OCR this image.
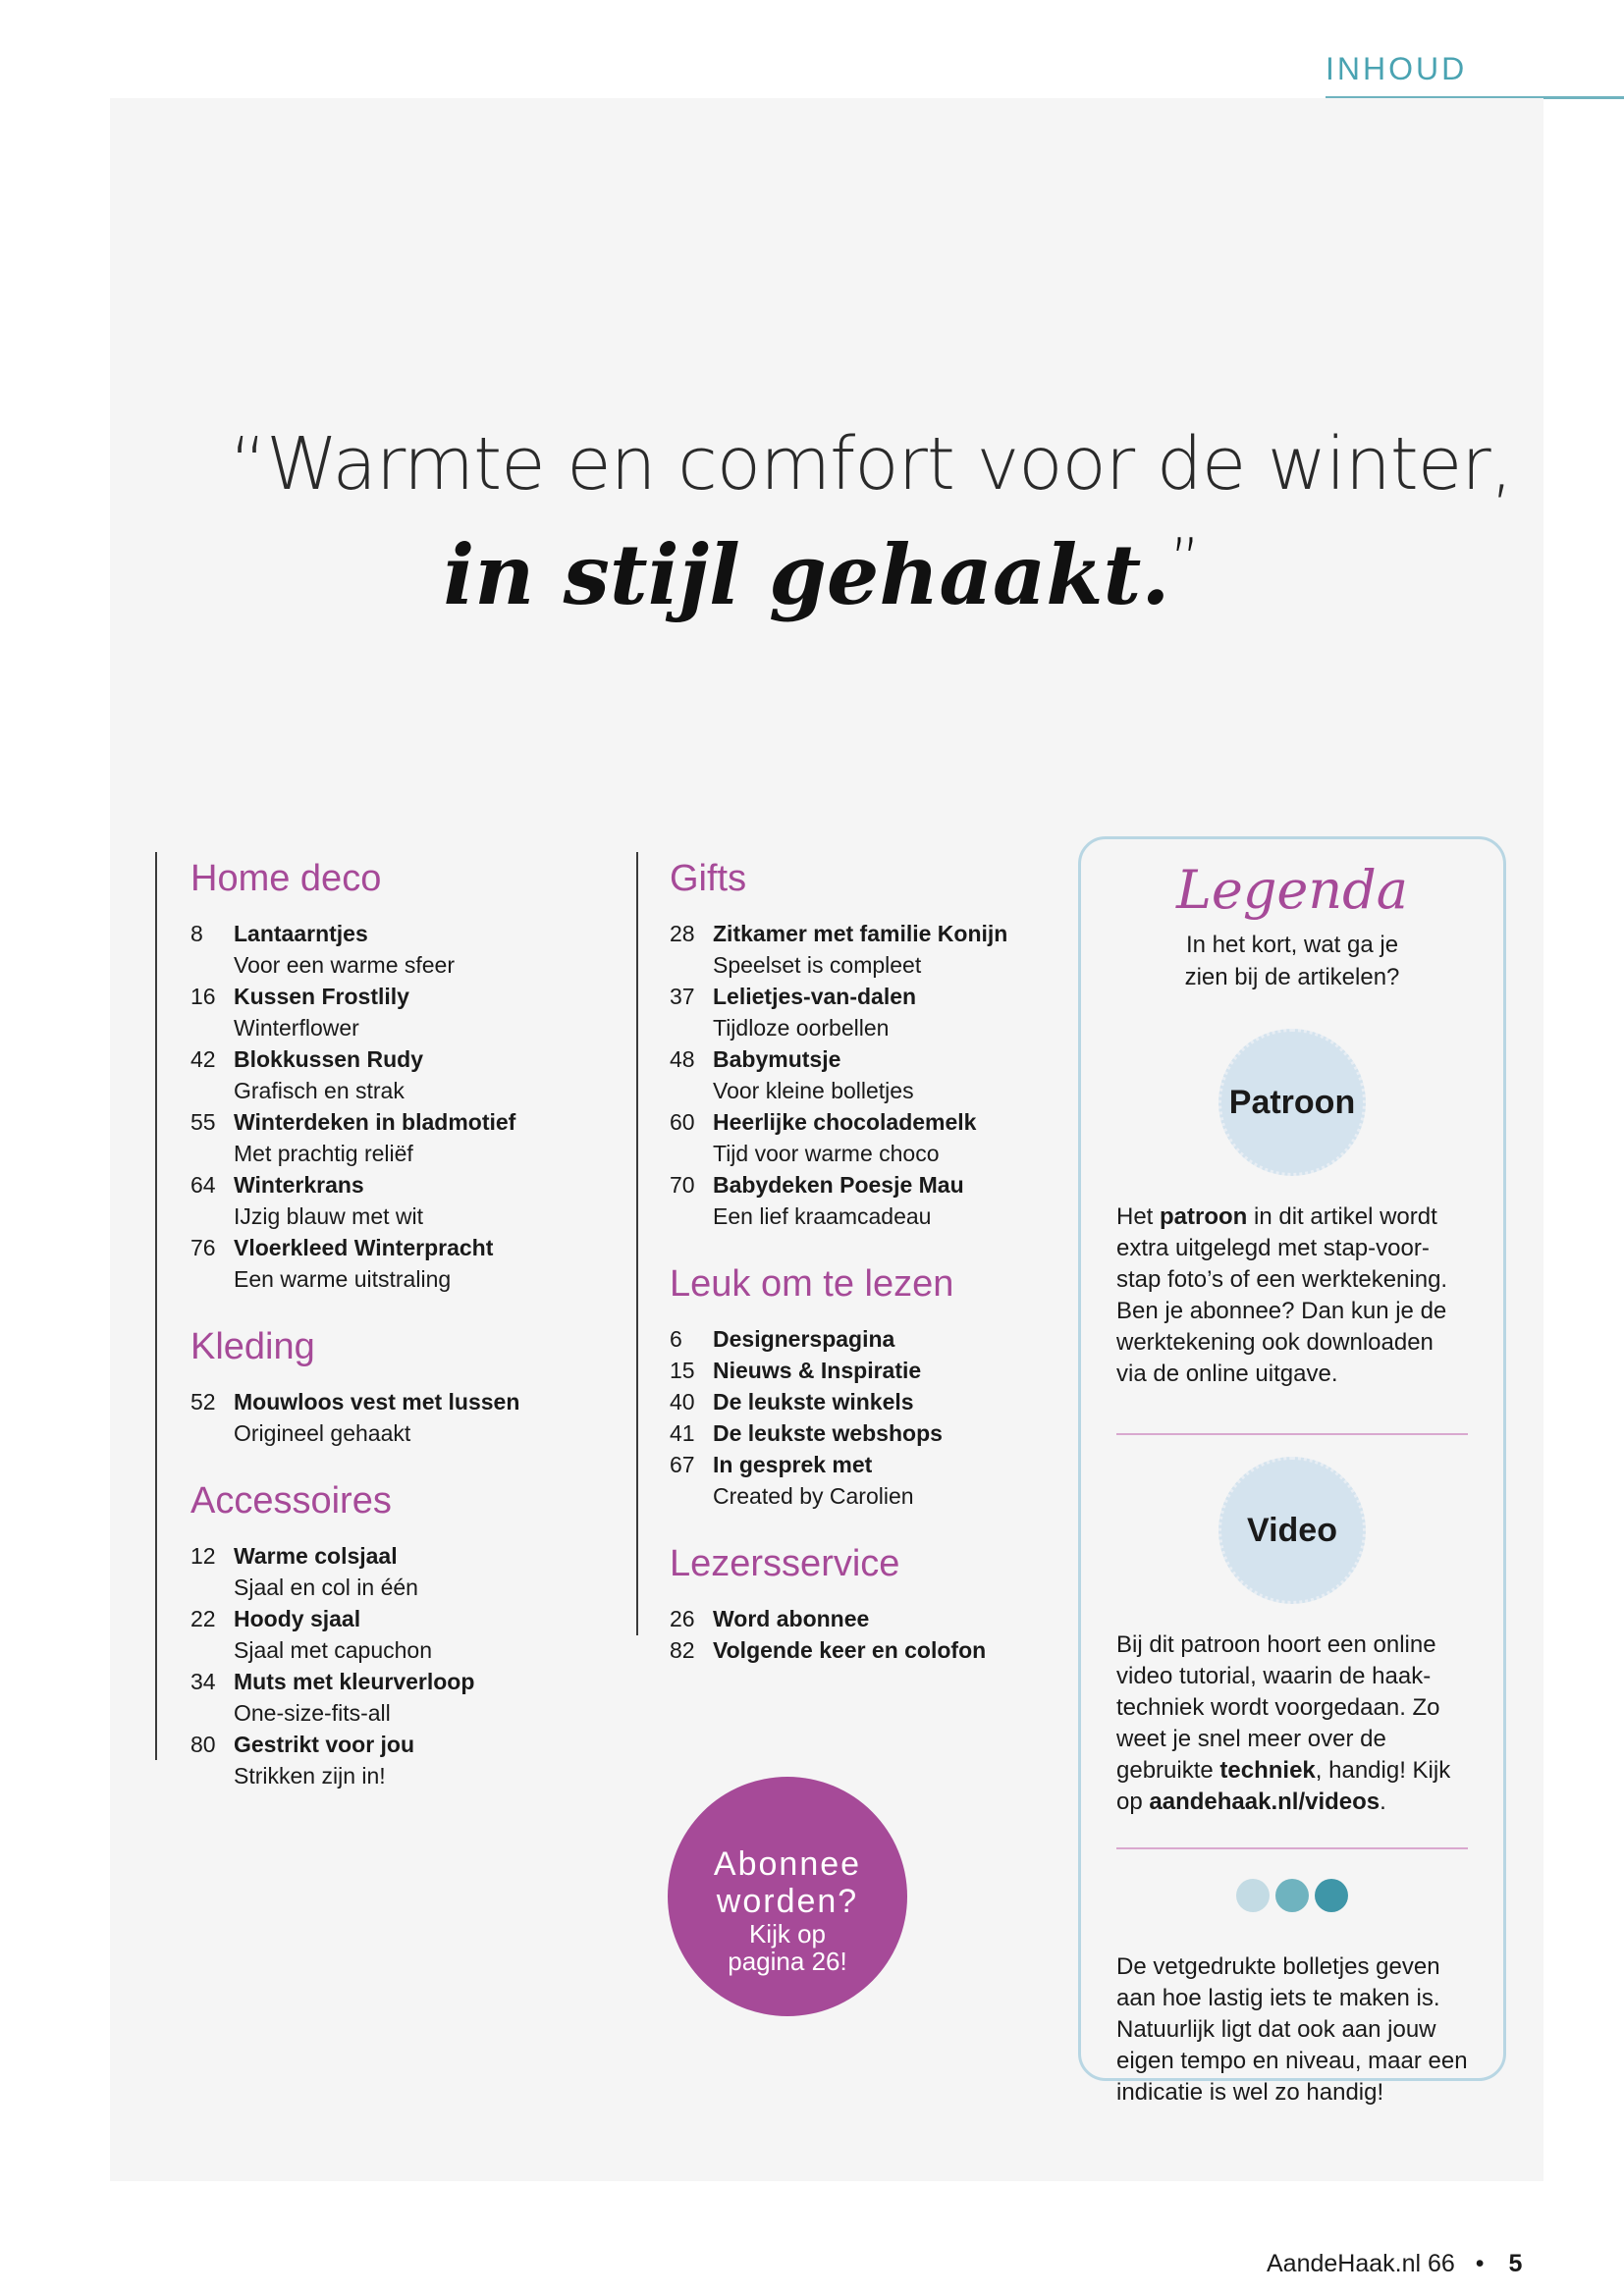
INHOUD
“Warmte en comfort voor de winter,
in stijl gehaakt.”
Home deco
8	Lantaarntjes
Voor een warme sfeer
16 Kussen Frostlily
Winterflower
42 Blokkussen Rudy
Grafisch en strak
55 Winterdeken in bladmotief
Met prachtig reliëf
64 Winterkrans
IJzig blauw met wit
76 Vloerkleed Winterpracht
Een warme uitstraling
Kleding
52 Mouwloos vest met lussen
Origineel gehaakt
Accessoires
12 Warme colsjaal
Sjaal en col in één
22 Hoody sjaal
Sjaal met capuchon
34 Muts met kleurverloop
One-size-fits-all
80 Gestrikt voor jou
Strikken zijn in!
Gifts
28 Zitkamer met familie Konijn
Speelset is compleet
37 Lelietjes-van-dalen
Tijdloze oorbellen
48 Babymutsje
Voor kleine bolletjes
60 Heerlijke chocolademelk
Tijd voor warme choco
70 Babydeken Poesje Mau
Een lief kraamcadeau
Leuk om te lezen
6	Designerspagina
15 Nieuws & Inspiratie
40 De leukste winkels
41 De leukste webshops
67 In gesprek met
Created by Carolien
Lezersservice
26 Word abonnee
82 Volgende keer en colofon
Legenda
In het kort, wat ga je
zien bij de artikelen?
Patroon
Het patroon in dit artikel wordt extra uitgelegd met stap-voor-stap foto’s of een werktekening. Ben je abonnee? Dan kun je de werktekening ook downloaden via de online uitgave.
Video
Bij dit patroon hoort een online video tutorial, waarin de haak-techniek wordt voorgedaan. Zo weet je snel meer over de gebruikte techniek, handig! Kijk op aandehaak.nl/videos.
De vetgedrukte bolletjes geven aan hoe lastig iets te maken is. Natuurlijk ligt dat ook aan jouw eigen tempo en niveau, maar een indicatie is wel zo handig!
Abonnee
worden?
Kijk op
pagina 26!
AandeHaak.nl 66 • 5
